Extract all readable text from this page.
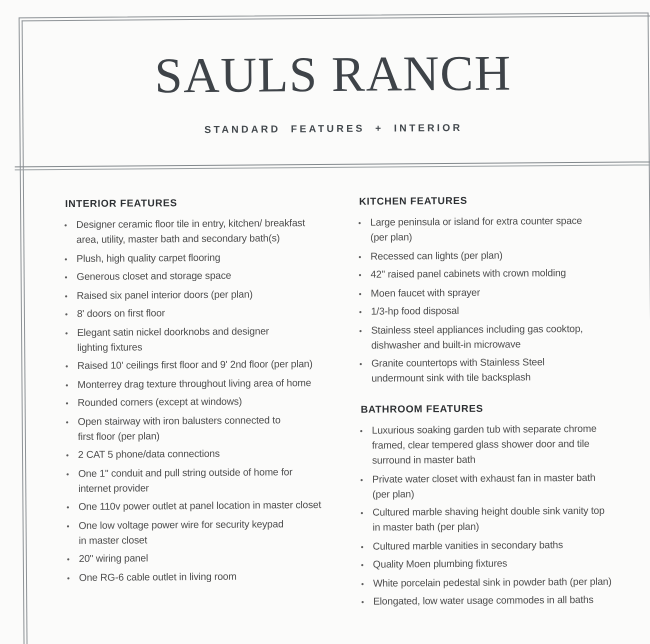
SAULS RANCH
STANDARD FEATURES + INTERIOR
INTERIOR FEATURES
• Designer ceramic floor tile in entry, kitchen/ breakfast
area, utility, master bath and secondary bath(s)
• Plush, high quality carpet flooring
• Generous closet and storage space
• Raised six panel interior doors (per plan)
• 8' doors on first floor
• Elegant satin nickel doorknobs and designer
lighting fixtures
• Raised 10' ceilings first floor and 9' 2nd floor (per plan)
• Monterrey drag texture throughout living area of home
• Rounded corners (except at windows)
• Open stairway with iron balusters connected to
first floor (per plan)
• 2 CAT 5 phone/data connections
• One 1" conduit and pull string outside of home for
internet provider
• One 110v power outlet at panel location in master closet
• One low voltage power wire for security keypad
in master closet
• 20" wiring panel
• One RG-6 cable outlet in living room
KITCHEN FEATURES
• Large peninsula or island for extra counter space
(per plan)
• Recessed can lights (per plan)
• 42" raised panel cabinets with crown molding
• Moen faucet with sprayer
• 1/3-hp food disposal
• Stainless steel appliances including gas cooktop,
dishwasher and built-in microwave
• Granite countertops with Stainless Steel
undermount sink with tile backsplash
BATHROOM FEATURES
• Luxurious soaking garden tub with separate chrome
framed, clear tempered glass shower door and tile
surround in master bath
• Private water closet with exhaust fan in master bath
(per plan)
• Cultured marble shaving height double sink vanity top
in master bath (per plan)
• Cultured marble vanities in secondary baths
• Quality Moen plumbing fixtures
• White porcelain pedestal sink in powder bath (per plan)
• Elongated, low water usage commodes in all baths
